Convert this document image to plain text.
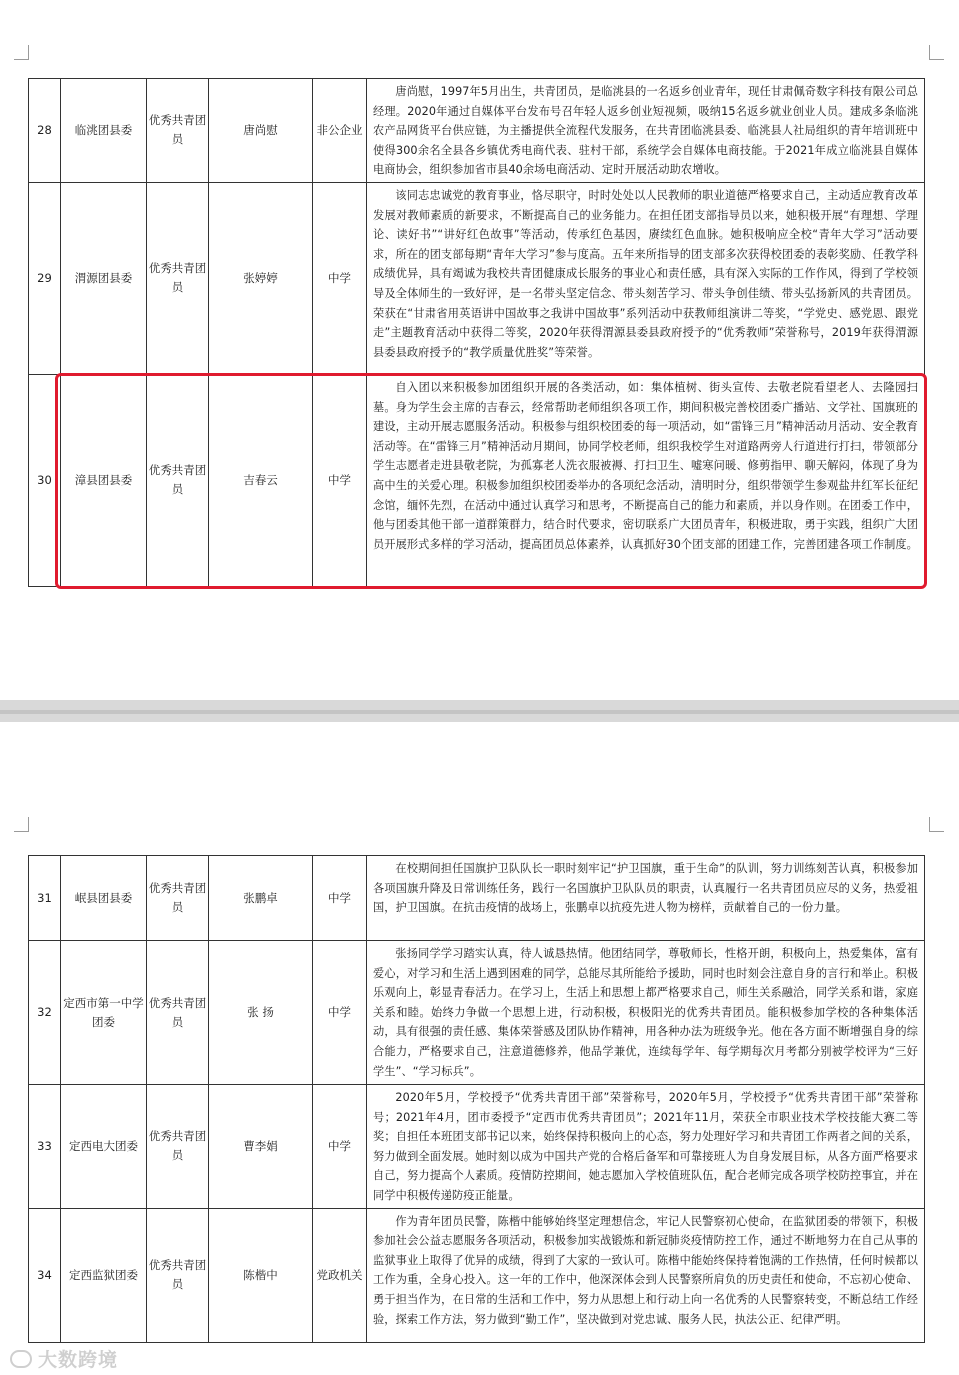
28	临洮团县委	优秀共青团员	唐尚慰	非公企业	唐尚慰，1997年5月出生，共青团员，是临洮县的一名返乡创业青年，现任甘肃佩奇数字科技有限公司总经理。2020年通过自媒体平台发布号召年轻人返乡创业短视频，吸纳15名返乡就业创业人员。建成多条临洮农产品网货平台供应链，为主播提供全流程代发服务，在共青团临洮县委、临洮县人社局组织的青年培训班中使得300余名全县各乡镇优秀电商代表、驻村干部，系统学会自媒体电商技能。于2021年成立临洮县自媒体电商协会，组织参加省市县40余场电商活动、定时开展活动助农增收。
29	渭源团县委	优秀共青团员	张婷婷	中学	该同志忠诚党的教育事业，恪尽职守，时时处处以人民教师的职业道德严格要求自己，主动适应教育改革发展对教师素质的新要求，不断提高自己的业务能力。在担任团支部指导员以来，她积极开展“有理想、学理论、读好书”“讲好红色故事”等活动，传承红色基因，赓续红色血脉。她积极响应全校“青年大学习”活动要求，所在的团支部每期“青年大学习”参与度高。五年来所指导的团支部多次获得校团委的表彰奖励、任教学科成绩优异，具有竭诚为我校共青团健康成长服务的事业心和责任感，具有深入实际的工作作风，得到了学校领导及全体师生的一致好评，是一名带头坚定信念、带头刻苦学习、带头争创佳绩、带头弘扬新风的共青团员。荣获在“甘肃省用英语讲中国故事之我讲中国故事”系列活动中获教师组演讲二等奖，“学党史、感党恩、跟党走”主题教育活动中获得二等奖，2020年获得渭源县委县政府授予的“优秀教师”荣誉称号，2019年获得渭源县委县政府授予的“教学质量优胜奖”等荣誉。
30	漳县团县委	优秀共青团员	吉春云	中学	自入团以来积极参加团组织开展的各类活动，如：集体植树、街头宣传、去敬老院看望老人、去隆园扫墓。身为学生会主席的吉春云，经常帮助老师组织各项工作，期间积极完善校团委广播站、文学社、国旗班的建设，主动开展志愿服务活动。积极参与组织校团委的每一项活动，如“雷锋三月”精神活动月活动、安全教育活动等。在“雷锋三月”精神活动月期间，协同学校老师，组织我校学生对道路两旁人行道进行打扫，带领部分学生志愿者走进县敬老院，为孤寡老人洗衣服被褥、打扫卫生、嘘寒问暖、修剪指甲、聊天解闷，体现了身为高中生的关爱心理。积极参加组织校团委举办的各项纪念活动，清明时分，组织带领学生参观盐井红军长征纪念馆，缅怀先烈，在活动中通过认真学习和思考，不断提高自己的能力和素质，并以身作则。在团委工作中，他与团委其他干部一道群策群力，结合时代要求，密切联系广大团员青年，积极进取，勇于实践，组织广大团员开展形式多样的学习活动，提高团员总体素养，认真抓好30个团支部的团建工作，完善团建各项工作制度。
31	岷县团县委	优秀共青团员	张鹏卓	中学	在校期间担任国旗护卫队队长一职时刻牢记“护卫国旗，重于生命”的队训，努力训练刻苦认真，积极参加各项国旗升降及日常训练任务，践行一名国旗护卫队队员的职责，认真履行一名共青团员应尽的义务，热爱祖国，护卫国旗。在抗击疫情的战场上，张鹏卓以抗疫先进人物为榜样，贡献着自己的一份力量。
32	定西市第一中学团委	优秀共青团员	张 扬	中学	张扬同学学习踏实认真，待人诚恳热情。他团结同学，尊敬师长，性格开朗，积极向上，热爱集体，富有爱心，对学习和生活上遇到困难的同学，总能尽其所能给予援助，同时也时刻会注意自身的言行和举止。积极乐观向上，彰显青春活力。在学习上，生活上和思想上都严格要求自己，师生关系融洽，同学关系和谐，家庭关系和睦。始终力争做一个思想上进，行动积极，积极阳光的优秀共青团员。能积极参加学校的各种集体活动，具有很强的责任感、集体荣誉感及团队协作精神，用各种办法为班级争光。他在各方面不断增强自身的综合能力，严格要求自己，注意道德修养，他品学兼优，连续每学年、每学期每次月考都分别被学校评为“三好学生”、“学习标兵”。
33	定西电大团委	优秀共青团员	曹李娟	中学	2020年5月，学校授予“优秀共青团干部”荣誉称号，2020年5月，学校授予“优秀共青团干部”荣誉称号；2021年4月，团市委授予“定西市优秀共青团员”；2021年11月，荣获全市职业技术学校技能大赛二等奖；自担任本班团支部书记以来，始终保持积极向上的心态，努力处理好学习和共青团工作两者之间的关系，努力做到全面发展。她时刻以成为中国共产党的合格后备军和可靠接班人为自身发展目标，从各方面严格要求自己，努力提高个人素质。疫情防控期间，她志愿加入学校值班队伍，配合老师完成各项学校防控事宜，并在同学中积极传递防疫正能量。
34	定西监狱团委	优秀共青团员	陈楷中	党政机关	作为青年团员民警，陈楷中能够始终坚定理想信念，牢记人民警察初心使命，在监狱团委的带领下，积极参加社会公益志愿服务各项活动，积极参加实战锻炼和新冠肺炎疫情防控工作，通过不断地努力在自己从事的监狱事业上取得了优异的成绩，得到了大家的一致认可。陈楷中能始终保持着饱满的工作热情，任何时候都以工作为重，全身心投入。这一年的工作中，他深深体会到人民警察所肩负的历史责任和使命，不忘初心使命、勇于担当作为，在日常的生活和工作中，努力从思想上和行动上向一名优秀的人民警察转变，不断总结工作经验，探索工作方法，努力做到“勤工作”，坚决做到对党忠诚、服务人民，执法公正、纪律严明。
大数跨境
